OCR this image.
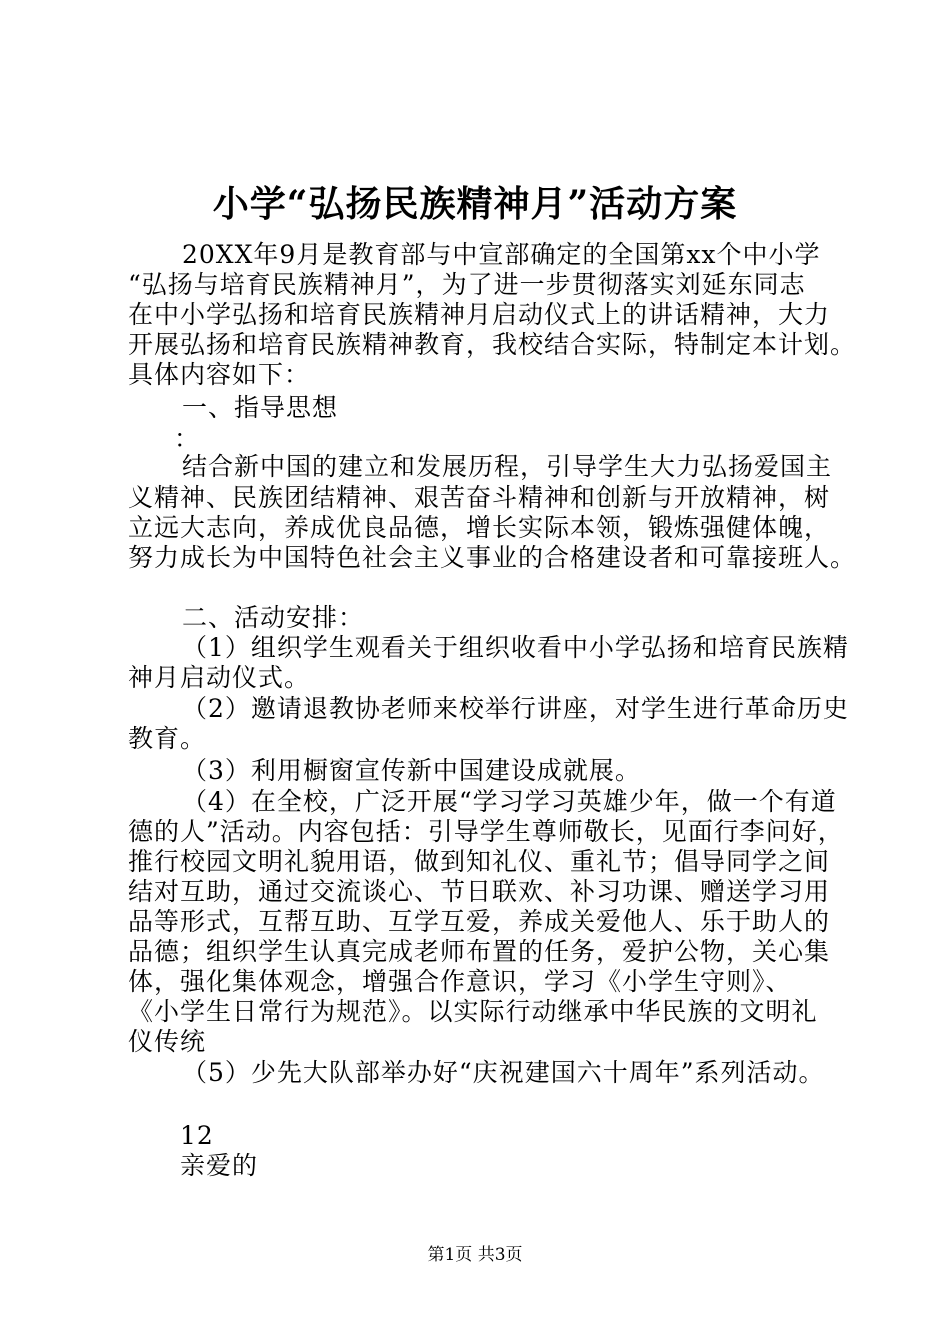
小学“弘扬民族精神月”活动方案
20XX年9月是教育部与中宣部确定的全国第xx个中小学
“弘扬与培育民族精神月”，为了进一步贯彻落实刘延东同志
在中小学弘扬和培育民族精神月启动仪式上的讲话精神，大力
开展弘扬和培育民族精神教育，我校结合实际，特制定本计划。
具体内容如下：
一、指导思想
：
结合新中国的建立和发展历程，引导学生大力弘扬爱国主
义精神、民族团结精神、艰苦奋斗精神和创新与开放精神，树
立远大志向，养成优良品德，增长实际本领，锻炼强健体魄，
努力成长为中国特色社会主义事业的合格建设者和可靠接班人。
二、活动安排：
（1）组织学生观看关于组织收看中小学弘扬和培育民族精
神月启动仪式。
（2）邀请退教协老师来校举行讲座，对学生进行革命历史
教育。
（3）利用橱窗宣传新中国建设成就展。
（4）在全校，广泛开展“学习学习英雄少年，做一个有道
德的人”活动。内容包括：引导学生尊师敬长，见面行李问好，
推行校园文明礼貌用语，做到知礼仪、重礼节；倡导同学之间
结对互助，通过交流谈心、节日联欢、补习功课、赠送学习用
品等形式，互帮互助、互学互爱，养成关爱他人、乐于助人的
品德；组织学生认真完成老师布置的任务，爱护公物，关心集
体，强化集体观念，增强合作意识，学习《小学生守则》、
《小学生日常行为规范》。以实际行动继承中华民族的文明礼
仪传统
（5）少先大队部举办好“庆祝建国六十周年”系列活动。
12
亲爱的
第1页 共3页
